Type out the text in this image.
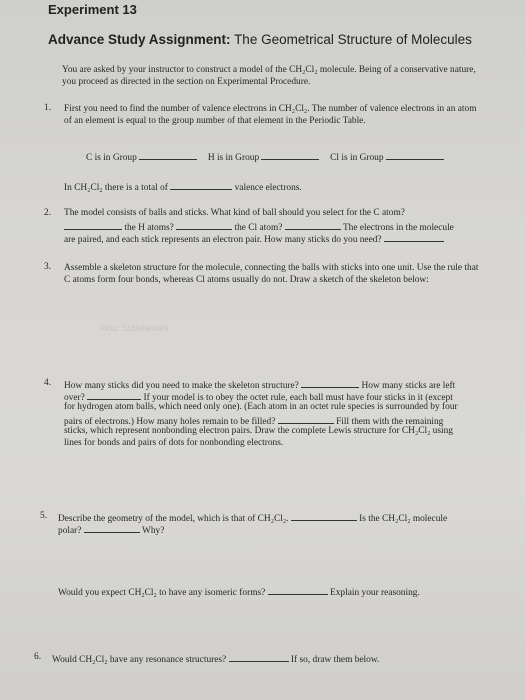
Experiment 13
Advance Study Assignment: The Geometrical Structure of Molecules
You are asked by your instructor to construct a model of the CH₂Cl₂ molecule. Being of a conservative nature, you proceed as directed in the section on Experimental Procedure.
1. First you need to find the number of valence electrons in CH₂Cl₂. The number of valence electrons in an atom of an element is equal to the group number of that element in the Periodic Table.
C is in Group	H is in Group	Cl is in Group
In CH₂Cl₂ there is a total of	valence electrons.
2. The model consists of balls and sticks. What kind of ball should you select for the C atom?
the H atoms?	the Cl atom?	The electrons in the molecule
are paired, and each stick represents an electron pair. How many sticks do you need?
3. Assemble a skeleton structure for the molecule, connecting the balls with sticks into one unit. Use the rule that C atoms form four bonds, whereas Cl atoms usually do not. Draw a sketch of the skeleton below:
Ionic Substances
4. How many sticks did you need to make the skeleton structure?	How many sticks are left
over?	If your model is to obey the octet rule, each ball must have four sticks in it (except
for hydrogen atom balls, which need only one). (Each atom in an octet rule species is surrounded by four
pairs of electrons.) How many holes remain to be filled?	Fill them with the remaining
sticks, which represent nonbonding electron pairs. Draw the complete Lewis structure for CH₂Cl₂ using
lines for bonds and pairs of dots for nonbonding electrons.
5. Describe the geometry of the model, which is that of CH₂Cl₂.	Is the CH₂Cl₂ molecule
polar?	Why?
Would you expect CH₂Cl₂ to have any isomeric forms?	Explain your reasoning.
6. Would CH₂Cl₂ have any resonance structures?	If so, draw them below.
